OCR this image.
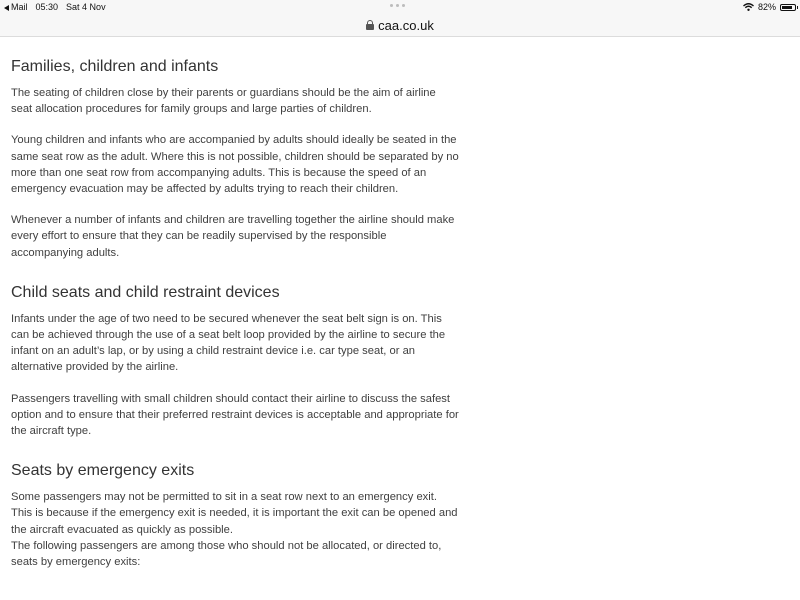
Mail 05:30 Sat 4 Nov	82%
caa.co.uk
Families, children and infants

The seating of children close by their parents or guardians should be the aim of airline seat allocation procedures for family groups and large parties of children.

Young children and infants who are accompanied by adults should ideally be seated in the same seat row as the adult. Where this is not possible, children should be separated by no more than one seat row from accompanying adults. This is because the speed of an emergency evacuation may be affected by adults trying to reach their children.

Whenever a number of infants and children are travelling together the airline should make every effort to ensure that they can be readily supervised by the responsible accompanying adults.

Child seats and child restraint devices

Infants under the age of two need to be secured whenever the seat belt sign is on. This can be achieved through the use of a seat belt loop provided by the airline to secure the infant on an adult’s lap, or by using a child restraint device i.e. car type seat, or an alternative provided by the airline.

Passengers travelling with small children should contact their airline to discuss the safest option and to ensure that their preferred restraint devices is acceptable and appropriate for the aircraft type.

Seats by emergency exits

Some passengers may not be permitted to sit in a seat row next to an emergency exit. This is because if the emergency exit is needed, it is important the exit can be opened and the aircraft evacuated as quickly as possible.

The following passengers are among those who should not be allocated, or directed to, seats by emergency exits:
